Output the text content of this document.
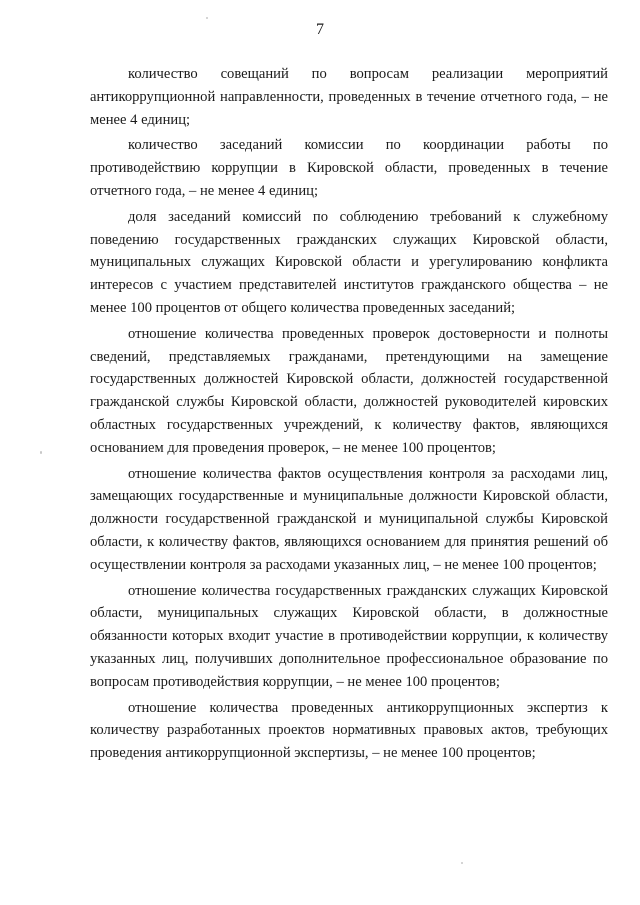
7

количество совещаний по вопросам реализации мероприятий антикоррупционной направленности, проведенных в течение отчетного года, – не менее 4 единиц;

количество заседаний комиссии по координации работы по противодействию коррупции в Кировской области, проведенных в течение отчетного года, – не менее 4 единиц;

доля заседаний комиссий по соблюдению требований к служебному поведению государственных гражданских служащих Кировской области, муниципальных служащих Кировской области и урегулированию конфликта интересов с участием представителей институтов гражданского общества – не менее 100 процентов от общего количества проведенных заседаний;

отношение количества проведенных проверок достоверности и полноты сведений, представляемых гражданами, претендующими на замещение государственных должностей Кировской области, должностей государственной гражданской службы Кировской области, должностей руководителей кировских областных государственных учреждений, к количеству фактов, являющихся основанием для проведения проверок, – не менее 100 процентов;

отношение количества фактов осуществления контроля за расходами лиц, замещающих государственные и муниципальные должности Кировской области, должности государственной гражданской и муниципальной службы Кировской области, к количеству фактов, являющихся основанием для принятия решений об осуществлении контроля за расходами указанных лиц, – не менее 100 процентов;

отношение количества государственных гражданских служащих Кировской области, муниципальных служащих Кировской области, в должностные обязанности которых входит участие в противодействии коррупции, к количеству указанных лиц, получивших дополнительное профессиональное образование по вопросам противодействия коррупции, – не менее 100 процентов;

отношение количества проведенных антикоррупционных экспертиз к количеству разработанных проектов нормативных правовых актов, требующих проведения антикоррупционной экспертизы, – не менее 100 процентов;
